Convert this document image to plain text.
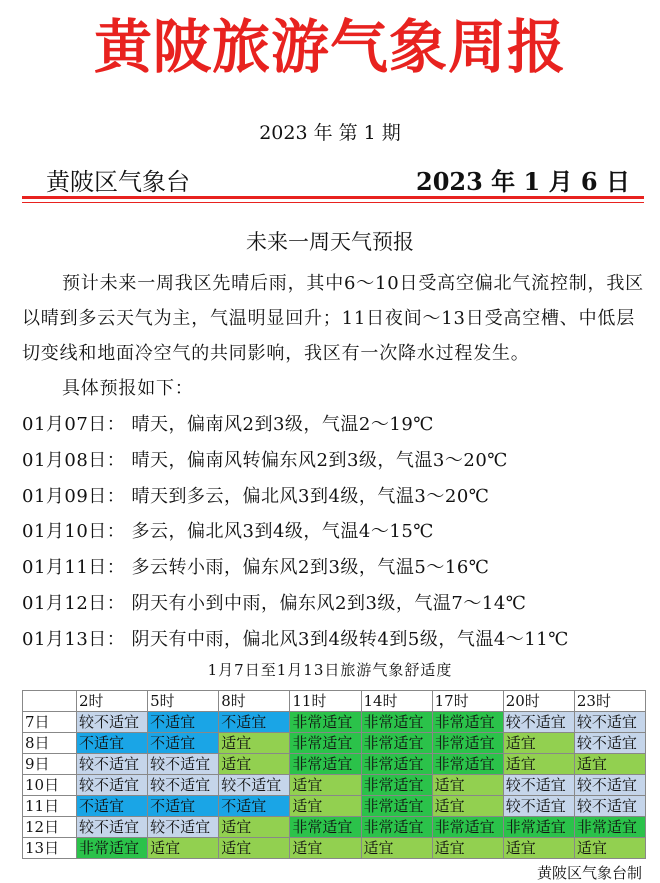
黄陂旅游气象周报
2023 年 第 1 期
黄陂区气象台	2023 年 1 月 6 日
未来一周天气预报

预计未来一周我区先晴后雨，其中6～10日受高空偏北气流控制，我区以晴到多云天气为主，气温明显回升；11日夜间～13日受高空槽、中低层切变线和地面冷空气的共同影响，我区有一次降水过程发生。

具体预报如下：

01月07日： 晴天，偏南风2到3级，气温2～19℃
01月08日： 晴天，偏南风转偏东风2到3级，气温3～20℃
01月09日： 晴天到多云，偏北风3到4级，气温3～20℃
01月10日： 多云，偏北风3到4级，气温4～15℃
01月11日： 多云转小雨，偏东风2到3级，气温5～16℃
01月12日： 阴天有小到中雨，偏东风2到3级，气温7～14℃
01月13日： 阴天有中雨，偏北风3到4级转4到5级，气温4～11℃
1月7日至1月13日旅游气象舒适度
	2时	5时	8时	11时	14时	17时	20时	23时
7日	较不适宜	不适宜	不适宜	非常适宜	非常适宜	非常适宜	较不适宜	较不适宜
8日	不适宜	不适宜	适宜	非常适宜	非常适宜	非常适宜	适宜	较不适宜
9日	较不适宜	较不适宜	适宜	非常适宜	非常适宜	非常适宜	适宜	适宜
10日	较不适宜	较不适宜	较不适宜	适宜	非常适宜	适宜	较不适宜	较不适宜
11日	不适宜	不适宜	不适宜	适宜	非常适宜	适宜	较不适宜	较不适宜
12日	较不适宜	较不适宜	适宜	非常适宜	非常适宜	非常适宜	非常适宜	非常适宜
13日	非常适宜	适宜	适宜	适宜	适宜	适宜	适宜	适宜
黄陂区气象台制
